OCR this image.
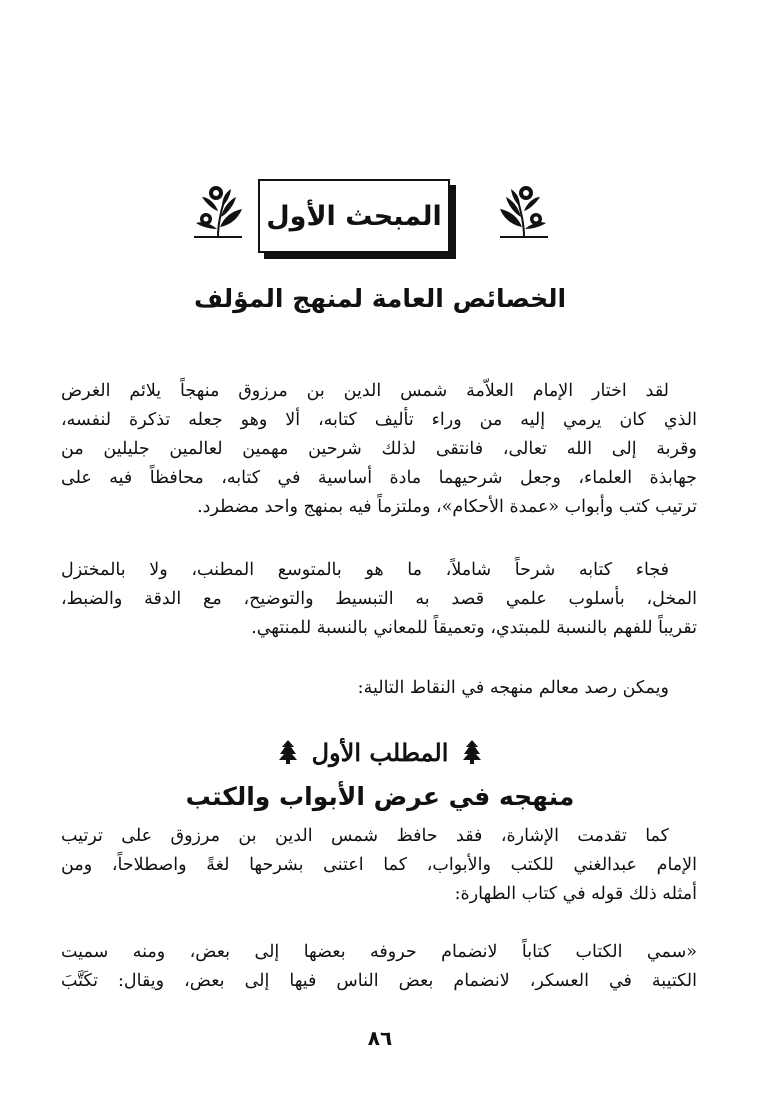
المبحث الأول
الخصائص العامة لمنهج المؤلف
لقد اختار الإمام العلاّمة شمس الدين بن مرزوق منهجاً يلائم الغرض
الذي كان يرمي إليه من وراء تأليف كتابه، ألا وهو جعله تذكرة لنفسه،
وقربة إلى الله تعالى، فانتقى لذلك شرحين مهمين لعالمين جليلين من
جهابذة العلماء، وجعل شرحيهما مادة أساسية في كتابه، محافظاً فيه على
ترتيب كتب وأبواب «عمدة الأحكام»، وملتزماً فيه بمنهج واحد مضطرد.
فجاء كتابه شرحاً شاملاً، ما هو بالمتوسع المطنب، ولا بالمختزل
المخل، بأسلوب علمي قصد به التبسيط والتوضيح، مع الدقة والضبط،
تقريباً للفهم بالنسبة للمبتدي، وتعميقاً للمعاني بالنسبة للمنتهي.
ويمكن رصد معالم منهجه في النقاط التالية:
المطلب الأول
منهجه في عرض الأبواب والكتب
كما تقدمت الإشارة، فقد حافظ شمس الدين بن مرزوق على ترتيب
الإمام عبدالغني للكتب والأبواب، كما اعتنى بشرحها لغةً واصطلاحاً، ومن
أمثله ذلك قوله في كتاب الطهارة:
«سمي الكتاب كتاباً لانضمام حروفه بعضها إلى بعض، ومنه سميت
الكتيبة في العسكر، لانضمام بعض الناس فيها إلى بعض، ويقال: تكَتَّبَ
٨٦
